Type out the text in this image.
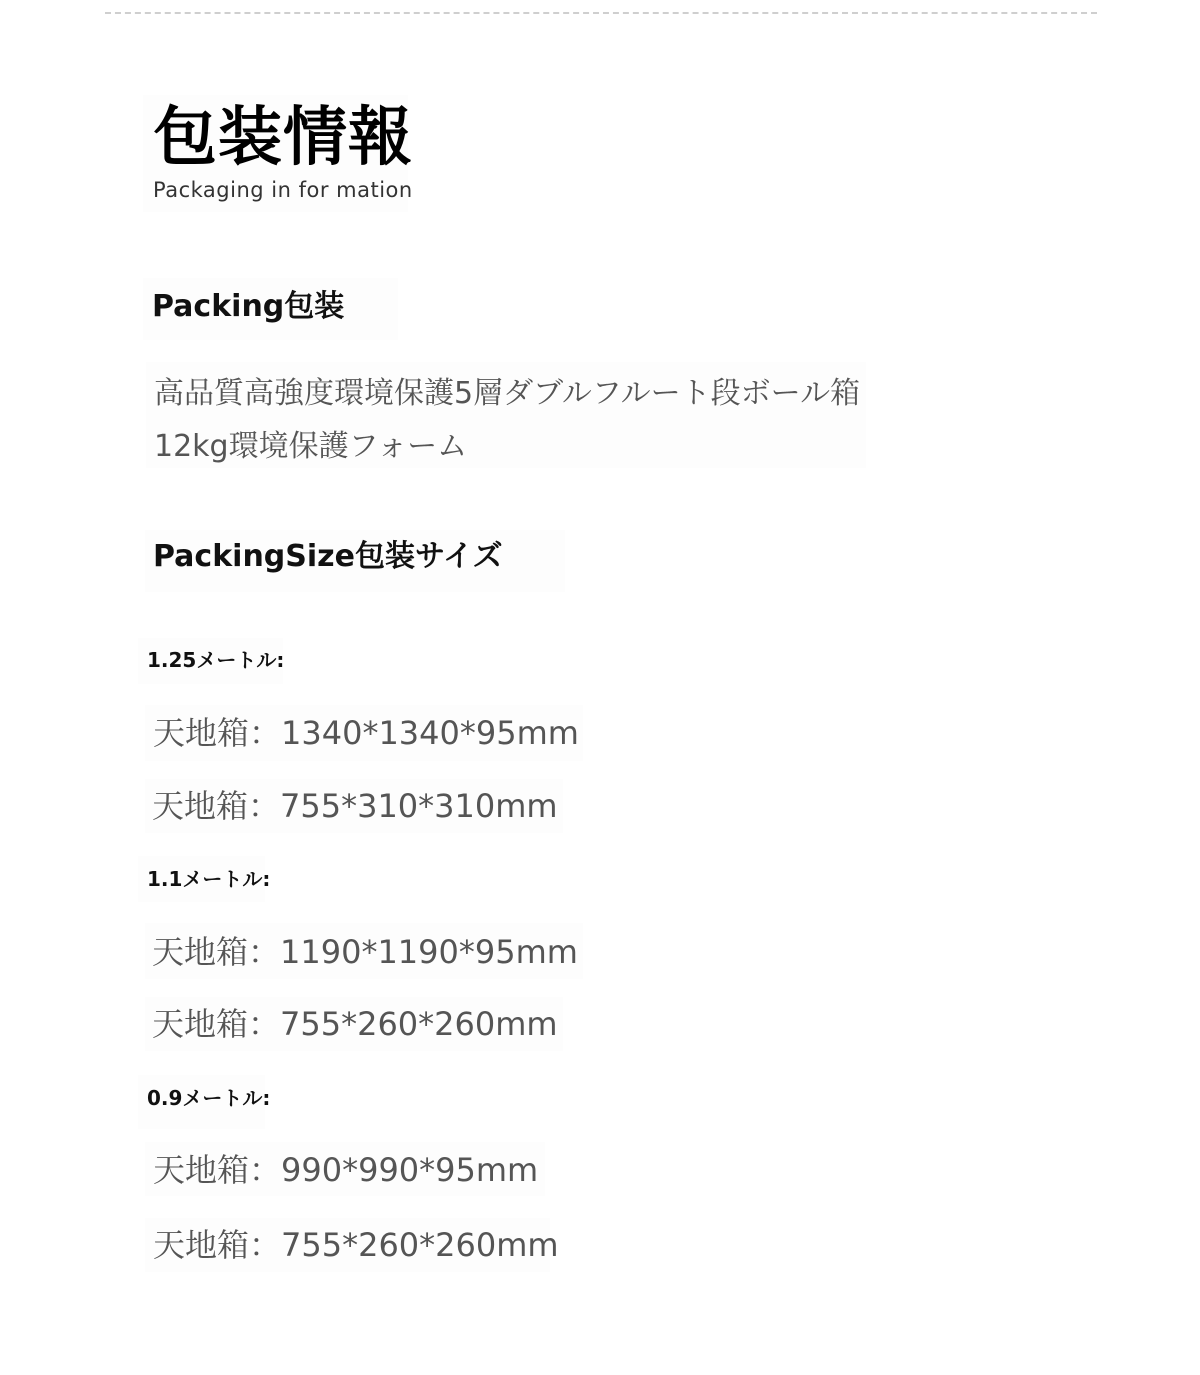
包装情報
Packaging in for mation
Packing包装
高品質高強度環境保護5層ダブルフルート段ボール箱
12kg環境保護フォーム
PackingSize包装サイズ
1.25メートル:
天地箱：1340*1340*95mm
天地箱：755*310*310mm
1.1メートル:
天地箱：1190*1190*95mm
天地箱：755*260*260mm
0.9メートル:
天地箱：990*990*95mm
天地箱：755*260*260mm
